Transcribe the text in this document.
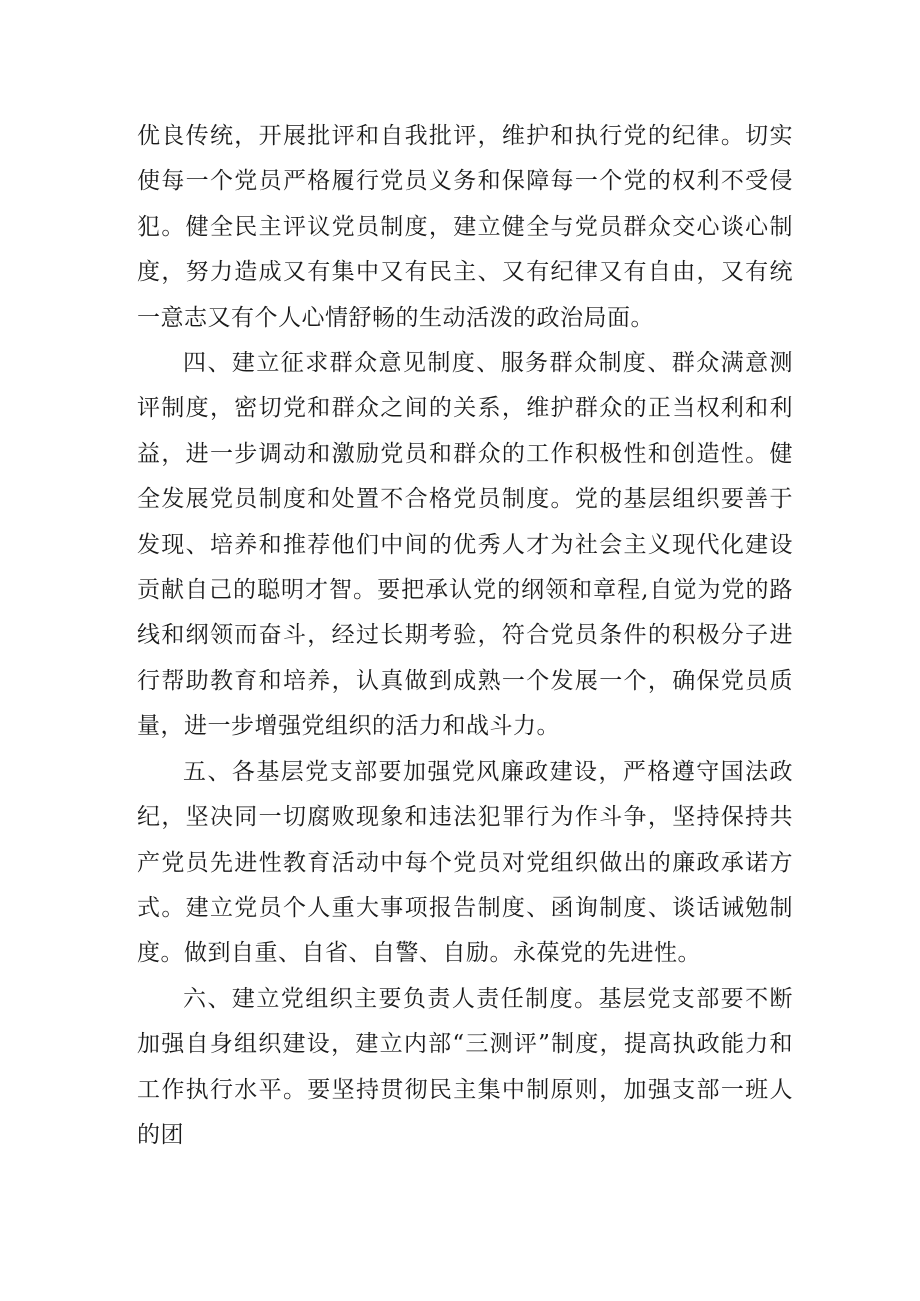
优良传统，开展批评和自我批评，维护和执行党的纪律。切实使每一个党员严格履行党员义务和保障每一个党的权利不受侵犯。健全民主评议党员制度，建立健全与党员群众交心谈心制度，努力造成又有集中又有民主、又有纪律又有自由，又有统一意志又有个人心情舒畅的生动活泼的政治局面。

四、建立征求群众意见制度、服务群众制度、群众满意测评制度，密切党和群众之间的关系，维护群众的正当权利和利益，进一步调动和激励党员和群众的工作积极性和创造性。健全发展党员制度和处置不合格党员制度。党的基层组织要善于发现、培养和推荐他们中间的优秀人才为社会主义现代化建设贡献自己的聪明才智。要把承认党的纲领和章程,自觉为党的路线和纲领而奋斗，经过长期考验，符合党员条件的积极分子进行帮助教育和培养，认真做到成熟一个发展一个，确保党员质量，进一步增强党组织的活力和战斗力。

五、各基层党支部要加强党风廉政建设，严格遵守国法政纪，坚决同一切腐败现象和违法犯罪行为作斗争，坚持保持共产党员先进性教育活动中每个党员对党组织做出的廉政承诺方式。建立党员个人重大事项报告制度、函询制度、谈话诫勉制度。做到自重、自省、自警、自励。永葆党的先进性。

六、建立党组织主要负责人责任制度。基层党支部要不断加强自身组织建设，建立内部“三测评”制度，提高执政能力和工作执行水平。要坚持贯彻民主集中制原则，加强支部一班人的团
